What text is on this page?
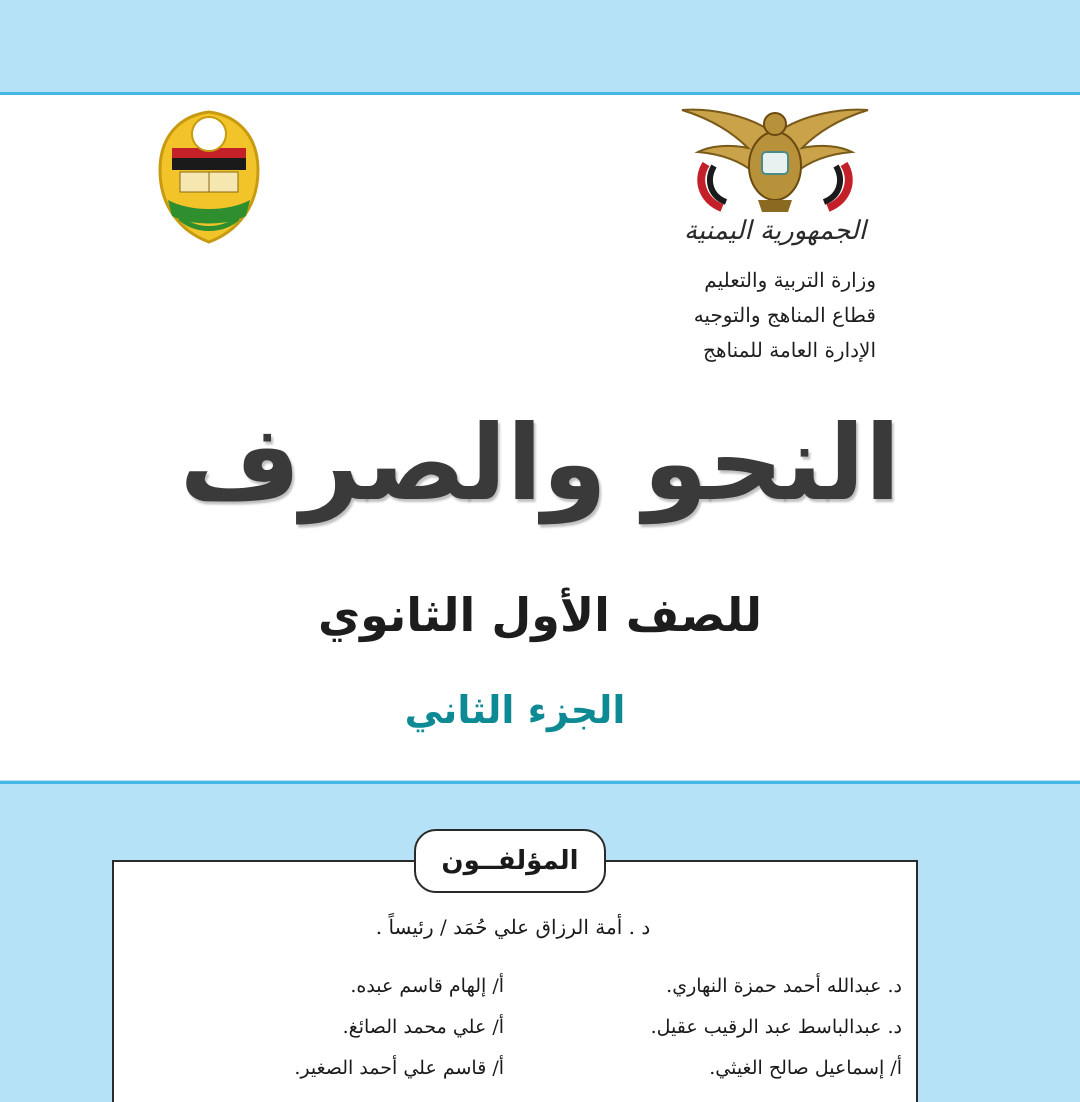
الجمهورية اليمنية
وزارة التربية والتعليم
قطاع المناهج والتوجيه
الإدارة العامة للمناهج
النحو والصرف
للصف الأول الثانوي
الجزء الثاني
المؤلفــون
د . أمة الرزاق علي حُمَد / رئيساً .
د. عبدالله أحمد حمزة النهاري.
د. عبدالباسط عبد الرقيب عقيل.
أ/ إسماعيل صالح الغيثي.
أ/ إلهام قاسم عبده.
أ/ علي محمد الصائغ.
أ/ قاسم علي أحمد الصغير.
